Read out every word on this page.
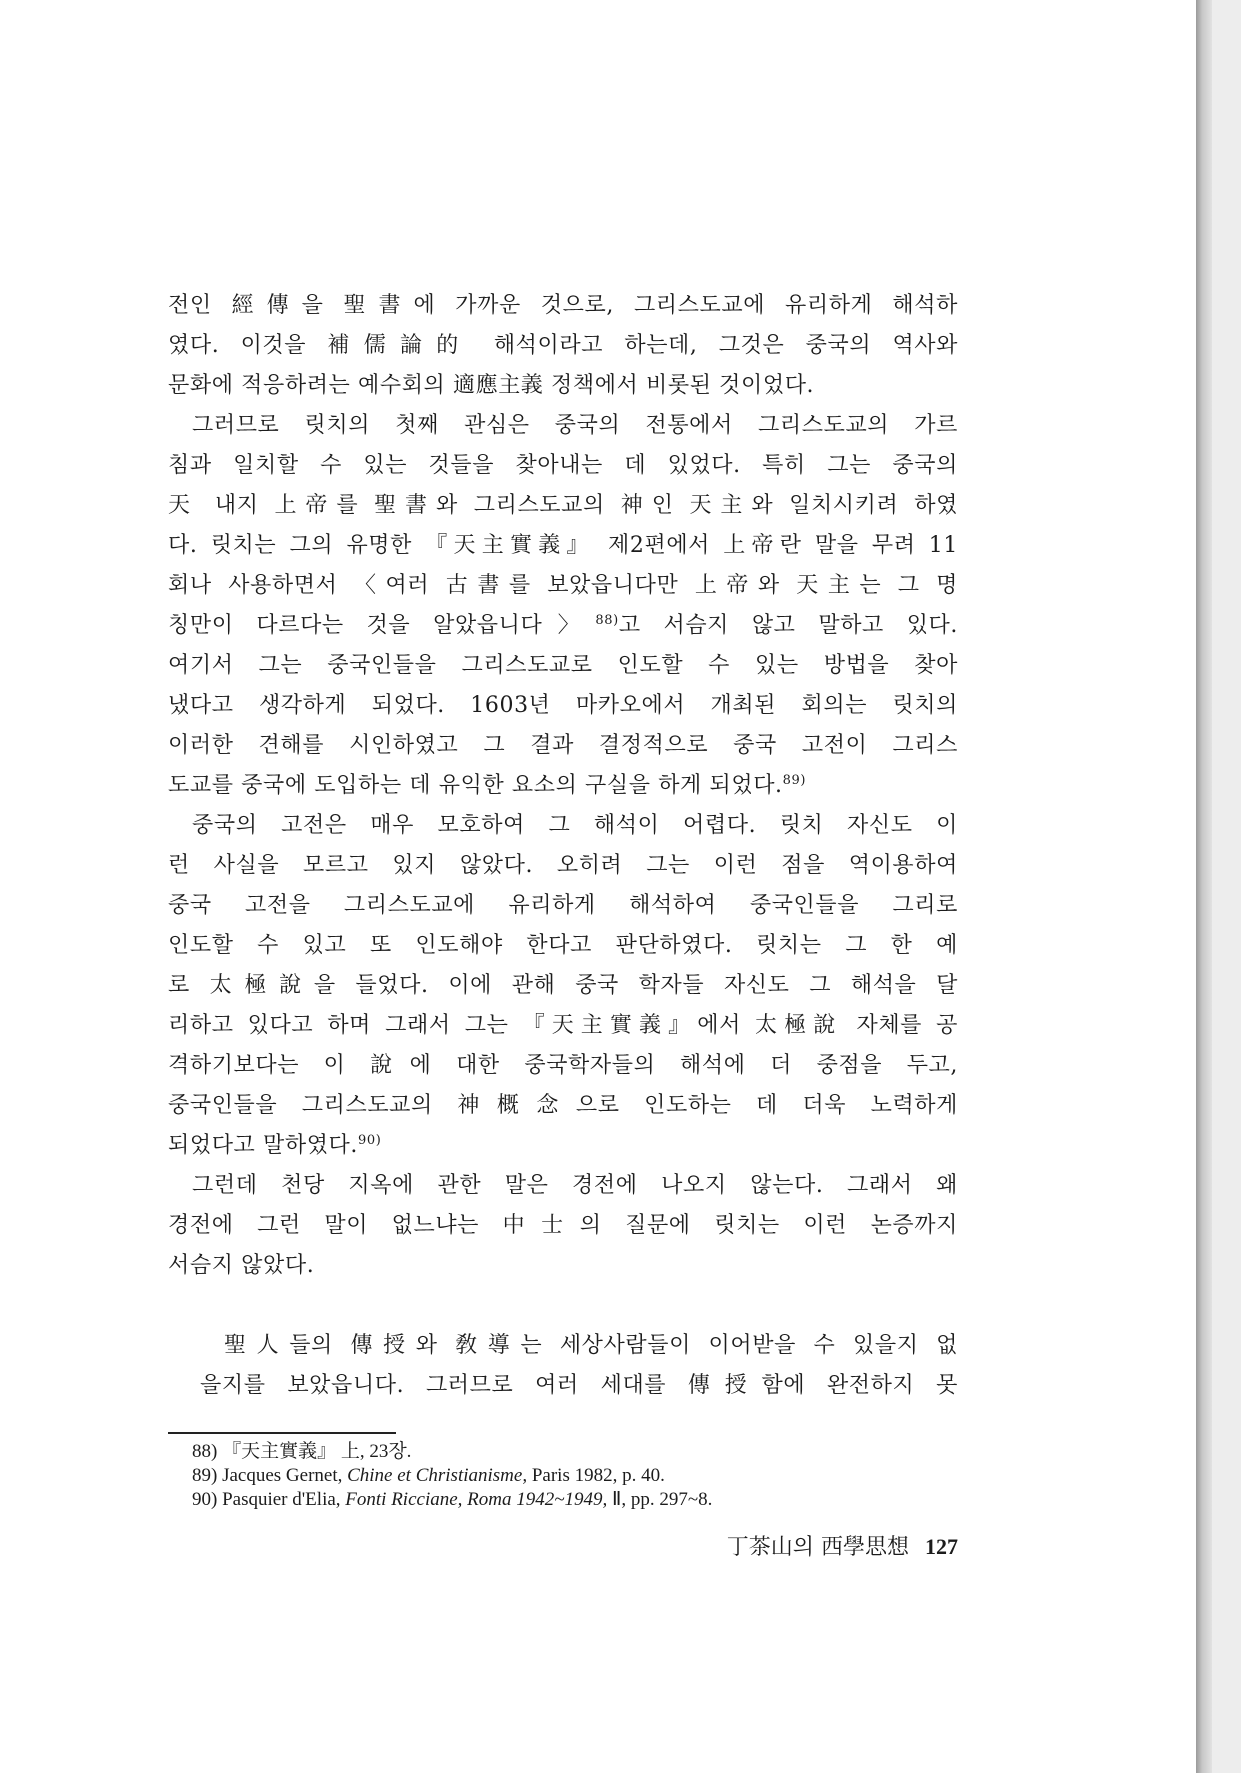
전인 經傳을 聖書에 가까운 것으로, 그리스도교에 유리하게 해석하
였다. 이것을 補儒論的 해석이라고 하는데, 그것은 중국의 역사와
문화에 적응하려는 예수회의 適應主義 정책에서 비롯된 것이었다.
그러므로 릿치의 첫째 관심은 중국의 전통에서 그리스도교의 가르
침과 일치할 수 있는 것들을 찾아내는 데 있었다. 특히 그는 중국의
天 내지 上帝를 聖書와 그리스도교의 神인 天主와 일치시키려 하였
다. 릿치는 그의 유명한 『天主實義』 제2편에서 上帝란 말을 무려 11
회나 사용하면서 〈여러 古書를 보았읍니다만 上帝와 天主는 그 명
칭만이 다르다는 것을 알았읍니다〉$^{88)}$고 서슴지 않고 말하고 있다.
여기서 그는 중국인들을 그리스도교로 인도할 수 있는 방법을 찾아
냈다고 생각하게 되었다. 1603년 마카오에서 개최된 회의는 릿치의
이러한 견해를 시인하였고 그 결과 결정적으로 중국 고전이 그리스
도교를 중국에 도입하는 데 유익한 요소의 구실을 하게 되었다.$^{89)}$
중국의 고전은 매우 모호하여 그 해석이 어렵다. 릿치 자신도 이
런 사실을 모르고 있지 않았다. 오히려 그는 이런 점을 역이용하여
중국 고전을 그리스도교에 유리하게 해석하여 중국인들을 그리로
인도할 수 있고 또 인도해야 한다고 판단하였다. 릿치는 그 한 예
로 太極說을 들었다. 이에 관해 중국 학자들 자신도 그 해석을 달
리하고 있다고 하며 그래서 그는 『天主實義』에서 太極說 자체를 공
격하기보다는 이 說에 대한 중국학자들의 해석에 더 중점을 두고,
중국인들을 그리스도교의 神概念으로 인도하는 데 더욱 노력하게
되었다고 말하였다.$^{90)}$
그런데 천당 지옥에 관한 말은 경전에 나오지 않는다. 그래서 왜
경전에 그런 말이 없느냐는 中士의 질문에 릿치는 이런 논증까지
서슴지 않았다.
聖人들의 傳授와 敎導는 세상사람들이 이어받을 수 있을지 없
을지를 보았읍니다. 그러므로 여러 세대를 傳授함에 완전하지 못
88) 『天主實義』 上, 23장.
89) Jacques Gernet, Chine et Christianisme, Paris 1982, p. 40.
90) Pasquier d'Elia, Fonti Ricciane, Roma 1942~1949, Ⅱ, pp. 297~8.
丁茶山의 西學思想 127
